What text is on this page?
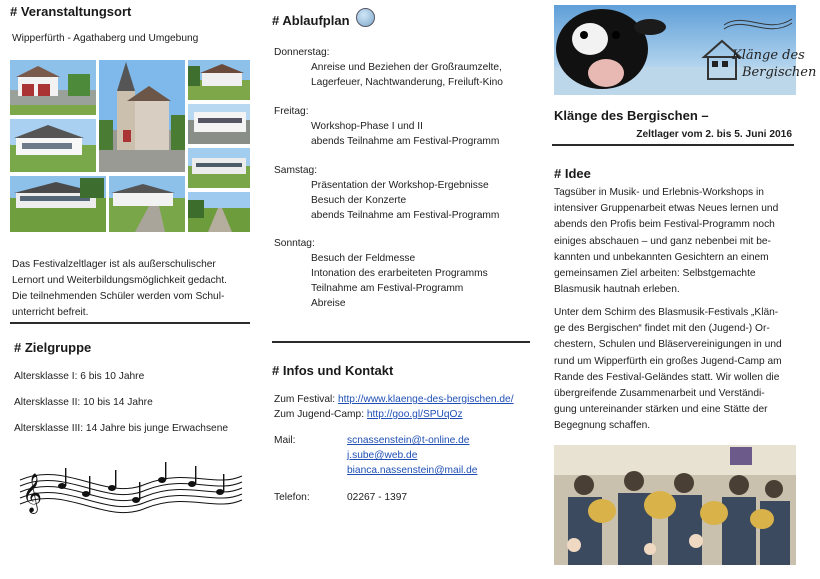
# Veranstaltungsort
Wipperfürth - Agathaberg und Umgebung
Das Festivalzeltlager ist als außerschulischer
Lernort und Weiterbildungsmöglichkeit gedacht.
Die teilnehmenden Schüler werden vom Schul-
unterricht befreit.
# Zielgruppe
Altersklasse I: 6 bis 10 Jahre
Altersklasse II: 10 bis 14 Jahre
Altersklasse III: 14 Jahre bis junge Erwachsene
𝄞
# Ablaufplan
Donnerstag:
Anreise und Beziehen der Großraumzelte,
Lagerfeuer, Nachtwanderung, Freiluft-Kino
Freitag:
Workshop-Phase I und II
abends Teilnahme am Festival-Programm
Samstag:
Präsentation der Workshop-Ergebnisse
Besuch der Konzerte
abends Teilnahme am Festival-Programm
Sonntag:
Besuch der Feldmesse
Intonation des erarbeiteten Programms
Teilnahme am Festival-Programm
Abreise
# Infos und Kontakt
Zum Festival: http://www.klaenge-des-bergischen.de/
Zum Jugend-Camp: http://goo.gl/SPUqOz
Mail:	scnassenstein@t-online.de
j.sube@web.de
bianca.nassenstein@mail.de
Telefon:	02267 - 1397
Klänge des
Bergischen
Klänge des Bergischen –
Zeltlager vom 2. bis 5. Juni 2016
# Idee
Tagsüber in Musik- und Erlebnis-Workshops in
intensiver Gruppenarbeit etwas Neues lernen und
abends den Profis beim Festival-Programm noch
einiges abschauen – und ganz nebenbei mit be-
kannten und unbekannten Gesichtern an einem
gemeinsamen Ziel arbeiten: Selbstgemachte
Blasmusik hautnah erleben.
Unter dem Schirm des Blasmusik-Festivals „Klän-
ge des Bergischen“ findet mit den (Jugend-) Or-
chestern, Schulen und Bläservereinigungen in und
rund um Wipperfürth ein großes Jugend-Camp am
Rande des Festival-Geländes statt. Wir wollen die
übergreifende Zusammenarbeit und Verständi-
gung untereinander stärken und eine Stätte der
Begegnung schaffen.
